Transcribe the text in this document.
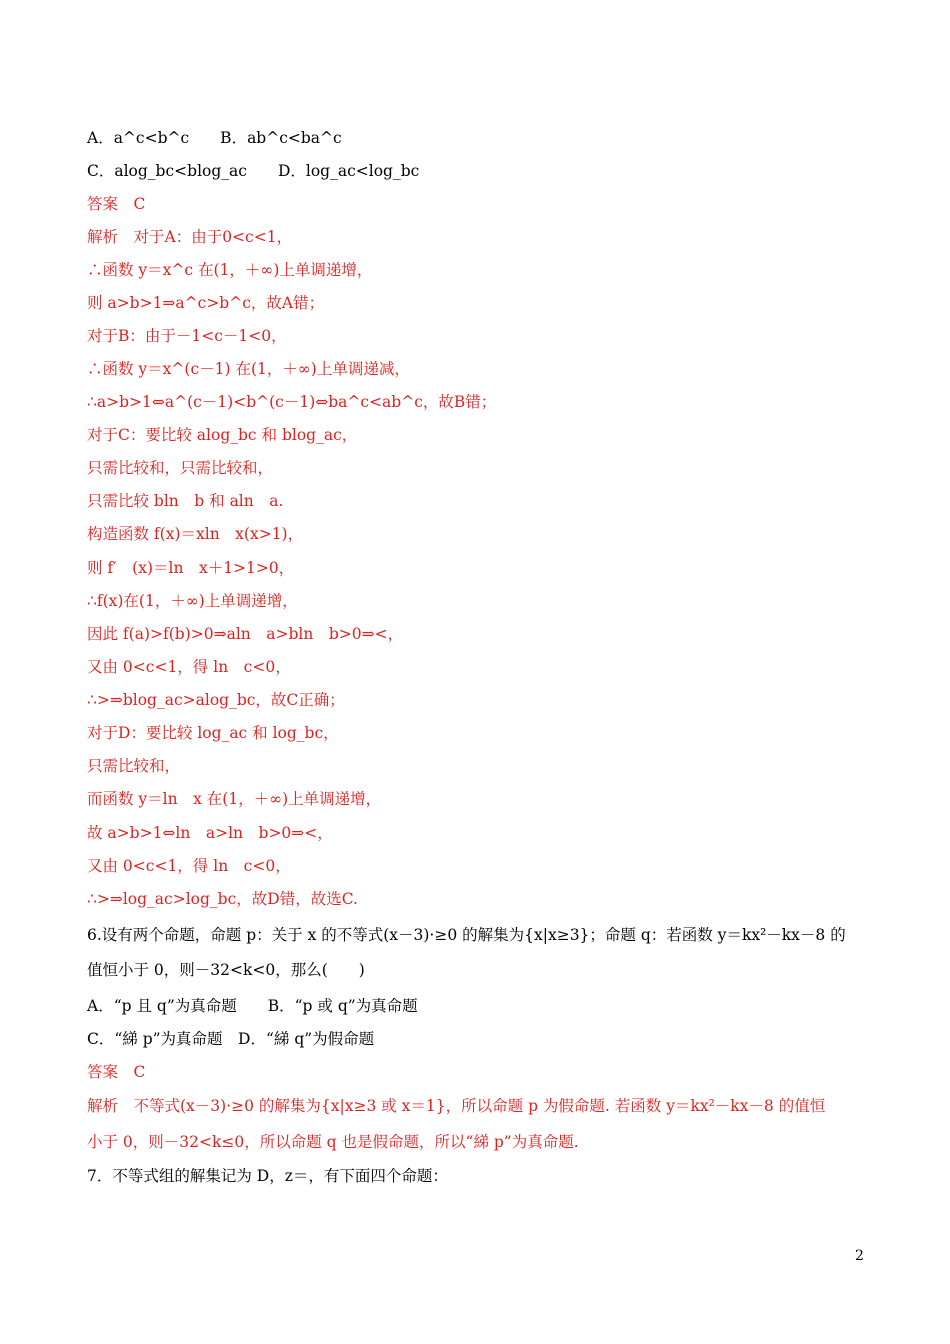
A．a^c<b^c　　B．ab^c<ba^c
C．alog_bc<blog_ac　　D．log_ac<log_bc
答案　C
解析　对于A：由于0<c<1，
∴函数 y＝x^c 在(1，＋∞)上单调递增，
则 a>b>1⇒a^c>b^c，故A错；
对于B：由于－1<c－1<0，
∴函数 y＝x^(c－1) 在(1，＋∞)上单调递减，
∴a>b>1⇔a^(c－1)<b^(c－1)⇔ba^c<ab^c，故B错；
对于C：要比较 alog_bc 和 blog_ac，
只需比较和，只需比较和，
只需比较 bln　b 和 aln　a.
构造函数 f(x)＝xln　x(x>1)，
则 f′　(x)＝ln　x＋1>1>0，
∴f(x)在(1，＋∞)上单调递增，
因此 f(a)>f(b)>0⇒aln　a>bln　b>0⇒<，
又由 0<c<1，得 ln　c<0，
∴>⇒blog_ac>alog_bc，故C正确；
对于D：要比较 log_ac 和 log_bc，
只需比较和，
而函数 y＝ln　x 在(1，＋∞)上单调递增，
故 a>b>1⇔ln　a>ln　b>0⇒<，
又由 0<c<1，得 ln　c<0，
∴>⇒log_ac>log_bc，故D错，故选C.
6.设有两个命题，命题 p：关于 x 的不等式(x－3)·≥0 的解集为{x|x≥3}；命题 q：若函数 y＝kx²－kx－8 的
值恒小于 0，则－32<k<0，那么(　　)
A．“p 且 q”为真命题　　B．“p 或 q”为真命题
C．“綈 p”为真命题　D．“綈 q”为假命题
答案　C
解析　不等式(x－3)·≥0 的解集为{x|x≥3 或 x＝1}，所以命题 p 为假命题. 若函数 y＝kx²－kx－8 的值恒
小于 0，则－32<k≤0，所以命题 q 也是假命题，所以“綈 p”为真命题.
7．不等式组的解集记为 D，z＝，有下面四个命题：
2
